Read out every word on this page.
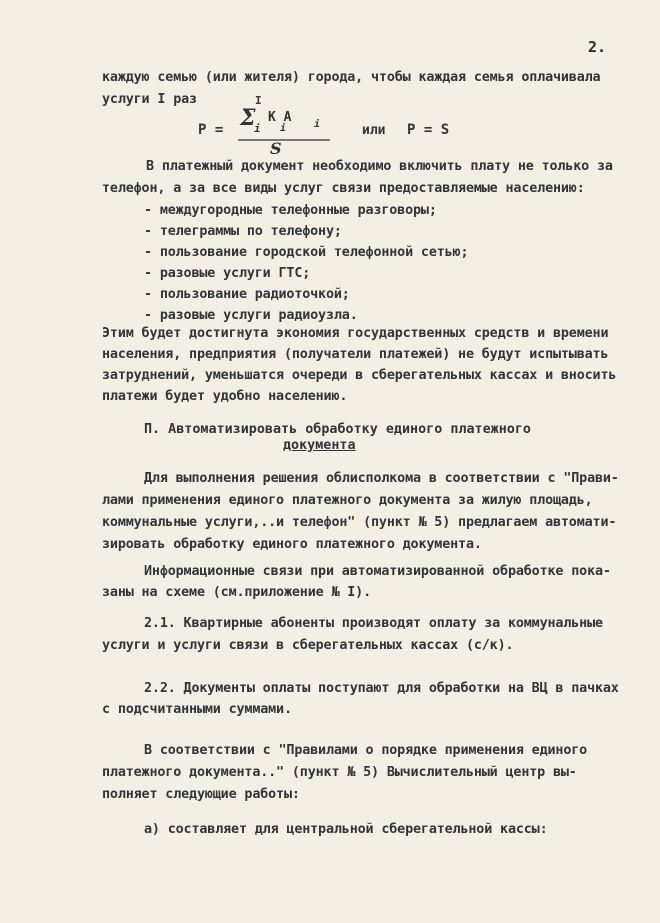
2.
каждую семью (или жителя) города, чтобы каждая семья оплачивала
услуги I раз
P =
I
Σ
i
K A
i	i
S
или P = S
В платежный документ необходимо включить плату не только за
телефон, а за все виды услуг связи предоставляемые населению:
- междугородные телефонные разговоры;
- телеграммы по телефону;
- пользование городской телефонной сетью;
- разовые услуги ГТС;
- пользование радиоточкой;
- разовые услуги радиоузла.
Этим будет достигнута экономия государственных средств и времени
населения, предприятия (получатели платежей) не будут испытывать
затруднений, уменьшатся очереди в сберегательных кассах и вносить
платежи будет удобно населению.
П. Автоматизировать обработку единого платежного
документа
Для выполнения решения облисполкома в соответствии с "Прави-
лами применения единого платежного документа за жилую площадь,
коммунальные услуги,..и телефон" (пункт № 5) предлагаем автомати-
зировать обработку единого платежного документа.
Информационные связи при автоматизированной обработке пока-
заны на схеме (см.приложение № I).
2.1. Квартирные абоненты производят оплату за коммунальные
услуги и услуги связи в сберегательных кассах (с/к).
2.2. Документы оплаты поступают для обработки на ВЦ в пачках
с подсчитанными суммами.
В соответствии с "Правилами о порядке применения единого
платежного документа.." (пункт № 5) Вычислительный центр вы-
полняет следующие работы:
а) составляет для центральной сберегательной кассы:
